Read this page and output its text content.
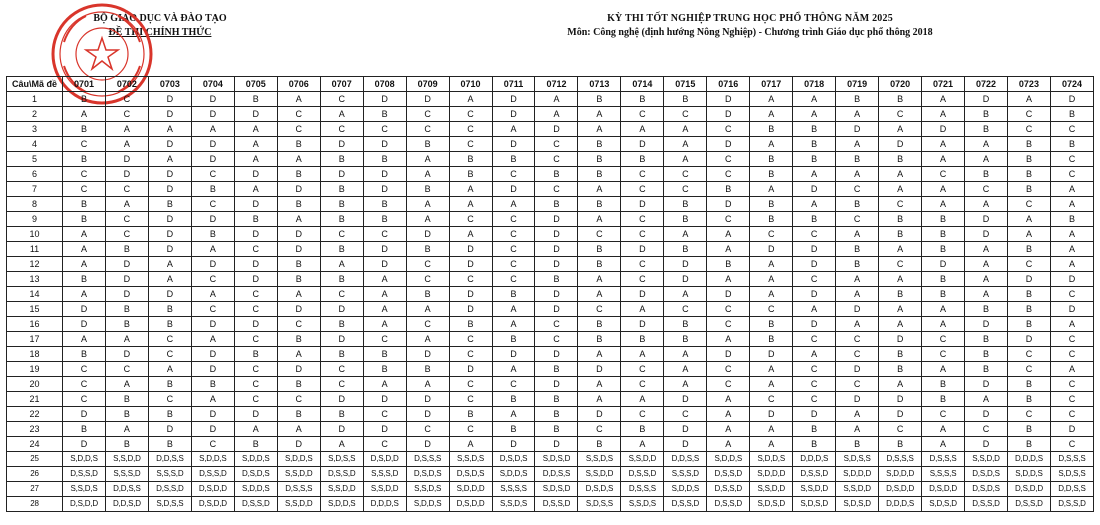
BỘ GIÁO DỤC VÀ ĐÀO TẠO
ĐỀ THI CHÍNH THỨC
KỲ THI TỐT NGHIỆP TRUNG HỌC PHỔ THÔNG NĂM 2025
Môn: Công nghệ (định hướng Nông Nghiệp) - Chương trình Giáo dục phổ thông 2018
Câu\Mã đề	0701	0702	0703	0704	0705	0706	0707	0708	0709	0710	0711	0712	0713	0714	0715	0716	0717	0718	0719	0720	0721	0722	0723	0724
1	B	C	D	D	B	A	C	D	D	A	D	A	B	B	B	D	A	A	B	B	A	D	A	D
2	A	C	D	D	D	C	A	B	C	C	D	A	A	C	C	D	A	A	A	C	A	B	C	B
3	B	A	A	A	A	C	C	C	C	C	A	D	A	A	A	C	B	B	D	A	D	B	C	C
4	C	A	D	D	A	B	D	D	B	C	D	C	B	D	A	D	A	B	A	D	A	A	B	B
5	B	D	A	D	A	A	B	B	A	B	B	C	B	B	A	C	B	B	B	B	A	A	B	C
6	C	D	D	C	D	B	D	D	A	B	C	B	B	C	C	C	B	A	A	A	C	B	B	C
7	C	C	D	B	A	D	B	D	B	A	D	C	A	C	C	B	A	D	C	A	A	C	B	A
8	B	A	B	C	D	B	B	B	A	A	A	B	B	D	B	D	B	A	B	C	A	A	C	A
9	B	C	D	D	B	A	B	B	A	C	C	D	A	C	B	C	B	B	C	B	B	D	A	B
10	A	C	D	B	D	D	C	C	D	A	C	D	C	C	A	A	C	C	A	B	B	D	A	A
11	A	B	D	A	C	D	B	D	B	D	C	D	B	D	B	A	D	D	B	A	B	A	B	A
12	A	D	A	D	D	B	A	D	C	D	C	D	B	C	D	B	A	D	B	C	D	A	C	A
13	B	D	A	C	D	B	B	A	C	C	C	B	A	C	D	A	A	C	A	A	B	A	D	D
14	A	D	D	A	C	A	C	A	B	D	B	D	A	D	A	D	A	D	A	B	B	A	B	C
15	D	B	B	C	C	D	D	A	A	D	A	D	C	A	C	C	C	A	D	A	A	B	B	D
16	D	B	B	D	D	C	B	A	C	B	A	C	B	D	B	C	B	D	A	A	A	D	B	A
17	A	A	C	A	C	B	D	C	A	C	B	C	B	B	B	A	B	C	C	D	C	B	D	C
18	B	D	C	D	B	A	B	B	D	C	D	D	A	A	A	D	D	A	C	B	C	B	C	C
19	C	C	A	D	C	D	C	B	B	D	A	B	D	C	A	C	A	C	D	B	A	B	C	A
20	C	A	B	B	C	B	C	A	A	C	C	D	A	C	A	C	A	C	C	A	B	D	B	C
21	C	B	C	A	C	C	D	D	D	C	B	B	A	A	D	A	C	C	D	D	B	A	B	C
22	D	B	B	D	D	B	B	C	D	B	A	B	D	C	C	A	D	D	A	D	C	D	C	C
23	B	A	D	D	A	A	D	D	C	C	B	B	C	B	D	A	A	B	A	C	A	C	B	D
24	D	B	B	C	B	D	A	C	D	A	D	D	B	A	D	A	A	B	B	B	A	D	B	C
25	S,D,D,S	S,S,D,D	D,D,S,S	S,D,D,S	S,D,D,S	S,D,D,S	S,D,S,S	D,S,D,D	D,S,S,S	S,S,D,S	D,S,D,S	S,D,S,D	S,S,D,S	S,S,D,D	D,D,S,S	S,D,D,S	S,D,D,S	D,D,D,S	S,D,S,S	D,S,S,S	D,S,S,S	S,S,D,D	D,D,D,S	D,S,S,S
26	D,S,S,D	S,S,S,D	S,S,S,D	D,S,S,D	D,S,D,S	S,S,D,D	D,S,S,D	S,S,S,D	D,S,D,S	D,S,D,S	S,D,D,S	D,D,S,S	S,S,D,D	D,S,S,D	S,S,S,D	D,S,S,D	S,D,D,D	D,S,S,D	S,D,D,D	S,D,D,D	S,S,S,S	D,S,D,S	S,D,D,S	S,D,S,S
27	S,S,D,S	D,D,S,S	D,S,S,D	D,S,D,D	S,D,D,S	D,S,S,S	S,S,D,D	S,S,D,D	S,S,D,S	S,D,D,D	S,S,S,S	S,D,S,D	D,S,D,S	D,S,S,S	S,D,D,S	D,S,S,D	S,S,D,D	S,S,D,D	S,S,D,D	D,S,D,D	D,S,D,D	D,S,D,S	D,S,D,D	D,D,S,S
28	D,S,D,D	D,D,S,D	S,D,S,S	D,S,D,D	D,S,S,D	S,S,D,D	S,D,D,S	D,D,D,S	S,D,D,S	D,S,D,D	S,S,D,S	D,S,S,D	S,D,S,S	S,S,D,S	D,S,S,D	D,S,S,D	S,D,S,D	S,D,S,D	S,D,S,D	D,D,D,S	S,D,S,D	D,S,S,D	D,S,S,D	D,S,S,D
